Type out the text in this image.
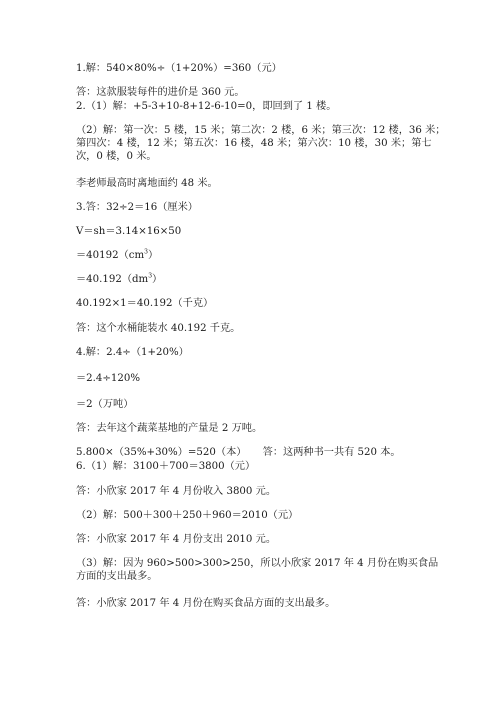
1.解：540×80%÷（1+20%）=360（元）
答：这款服装每件的进价是 360 元。
2.（1）解：+5-3+10-8+12-6-10=0，即回到了 1 楼。
（2）解：第一次：5 楼，15 米；第二次：2 楼，6 米；第三次：12 楼，36 米；第四次：4 楼，12 米；第五次：16 楼，48 米；第六次：10 楼，30 米；第七次，0 楼，0 米。
李老师最高时离地面约 48 米。
3.答：32÷2＝16（厘米）
V＝sh＝3.14×16×50
$=40192(cm^3)$
$=40.192(dm^3)$
40.192×1＝40.192（千克）
答：这个水桶能装水 40.192 千克。
4.解：2.4÷（1+20%）
＝2.4÷120%
＝2（万吨）
答：去年这个蔬菜基地的产量是 2 万吨。
5.800×（35%+30%）=520（本）     答：这两种书一共有 520 本。
6.（1）解：3100＋700＝3800（元）
答：小欣家 2017 年 4 月份收入 3800 元。
（2）解：500＋300＋250＋960＝2010（元）
答：小欣家 2017 年 4 月份支出 2010 元。
（3）解：因为 960>500>300>250，所以小欣家 2017 年 4 月份在购买食品方面的支出最多。
答：小欣家 2017 年 4 月份在购买食品方面的支出最多。
